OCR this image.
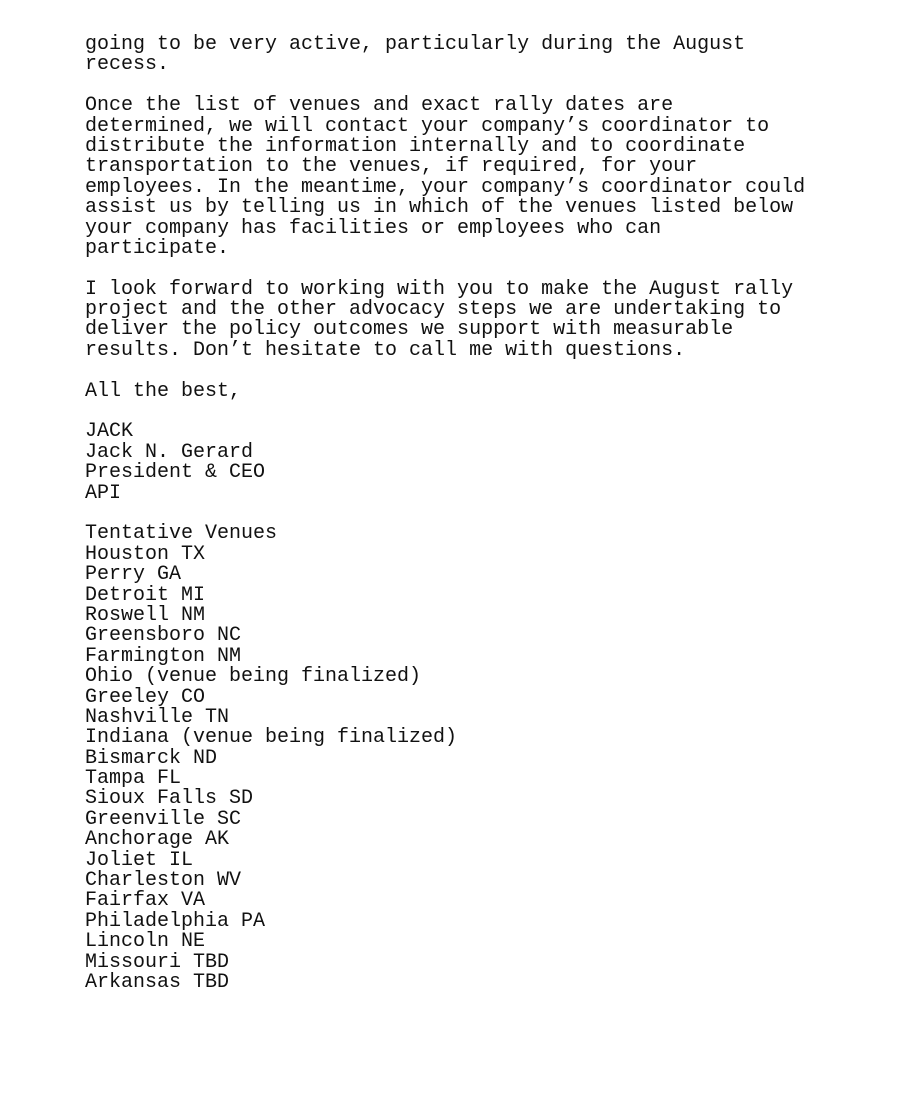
going to be very active, particularly during the August
recess.
Once the list of venues and exact rally dates are
determined, we will contact your company’s coordinator to
distribute the information internally and to coordinate
transportation to the venues, if required, for your
employees. In the meantime, your company’s coordinator could
assist us by telling us in which of the venues listed below
your company has facilities or employees who can
participate.
I look forward to working with you to make the August rally
project and the other advocacy steps we are undertaking to
deliver the policy outcomes we support with measurable
results. Don’t hesitate to call me with questions.
All the best,
JACK
Jack N. Gerard
President & CEO
API
Tentative Venues
Houston TX
Perry GA
Detroit MI
Roswell NM
Greensboro NC
Farmington NM
Ohio (venue being finalized)
Greeley CO
Nashville TN
Indiana (venue being finalized)
Bismarck ND
Tampa FL
Sioux Falls SD
Greenville SC
Anchorage AK
Joliet IL
Charleston WV
Fairfax VA
Philadelphia PA
Lincoln NE
Missouri TBD
Arkansas TBD
